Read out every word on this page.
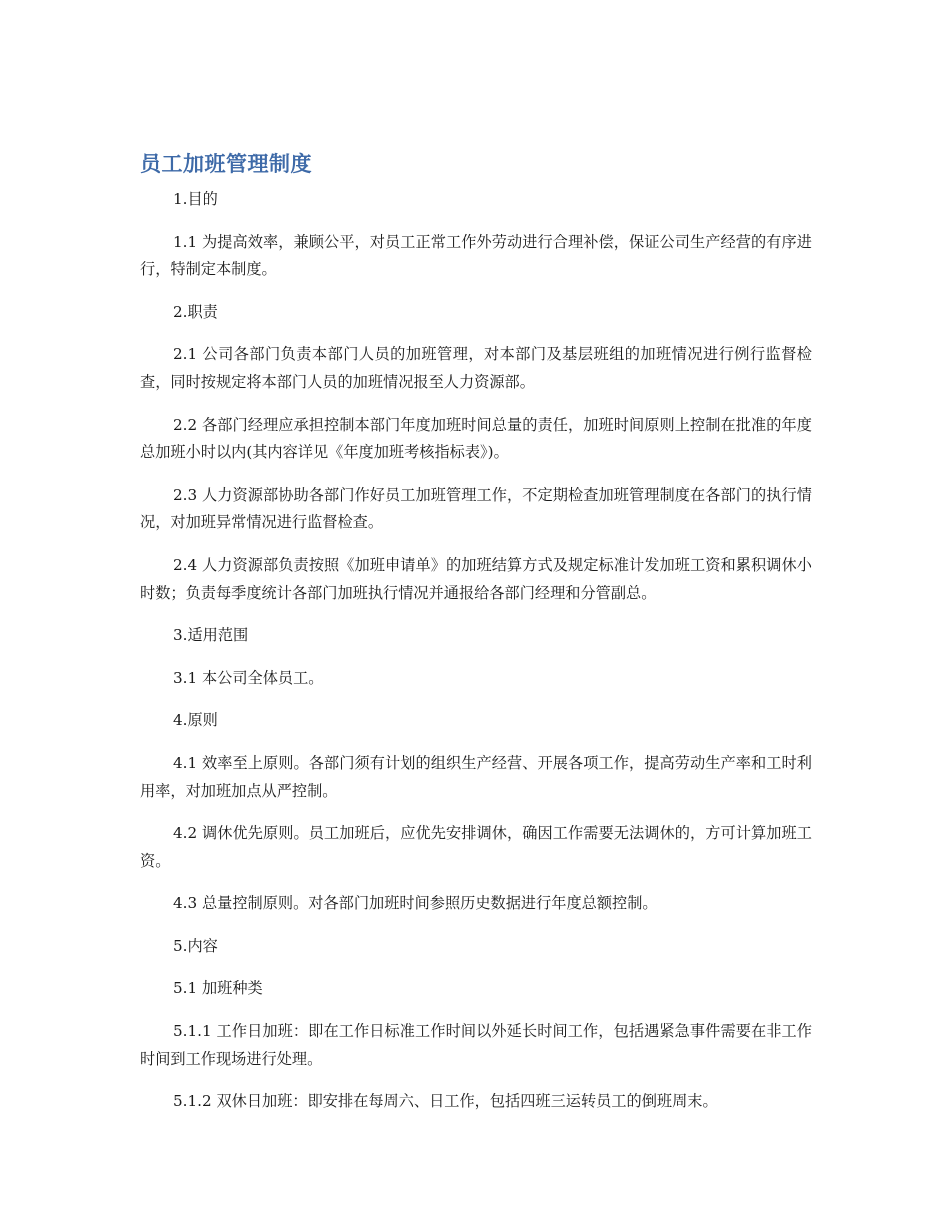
员工加班管理制度

1.目的

1.1 为提高效率，兼顾公平，对员工正常工作外劳动进行合理补偿，保证公司生产经营的有序进行，特制定本制度。

2.职责

2.1 公司各部门负责本部门人员的加班管理，对本部门及基层班组的加班情况进行例行监督检查，同时按规定将本部门人员的加班情况报至人力资源部。

2.2 各部门经理应承担控制本部门年度加班时间总量的责任，加班时间原则上控制在批准的年度总加班小时以内(其内容详见《年度加班考核指标表》)。

2.3 人力资源部协助各部门作好员工加班管理工作，不定期检查加班管理制度在各部门的执行情况，对加班异常情况进行监督检查。

2.4 人力资源部负责按照《加班申请单》的加班结算方式及规定标准计发加班工资和累积调休小时数；负责每季度统计各部门加班执行情况并通报给各部门经理和分管副总。

3.适用范围

3.1 本公司全体员工。

4.原则

4.1 效率至上原则。各部门须有计划的组织生产经营、开展各项工作，提高劳动生产率和工时利用率，对加班加点从严控制。

4.2 调休优先原则。员工加班后，应优先安排调休，确因工作需要无法调休的，方可计算加班工资。

4.3 总量控制原则。对各部门加班时间参照历史数据进行年度总额控制。

5.内容

5.1 加班种类

5.1.1 工作日加班：即在工作日标准工作时间以外延长时间工作，包括遇紧急事件需要在非工作时间到工作现场进行处理。

5.1.2 双休日加班：即安排在每周六、日工作，包括四班三运转员工的倒班周末。
